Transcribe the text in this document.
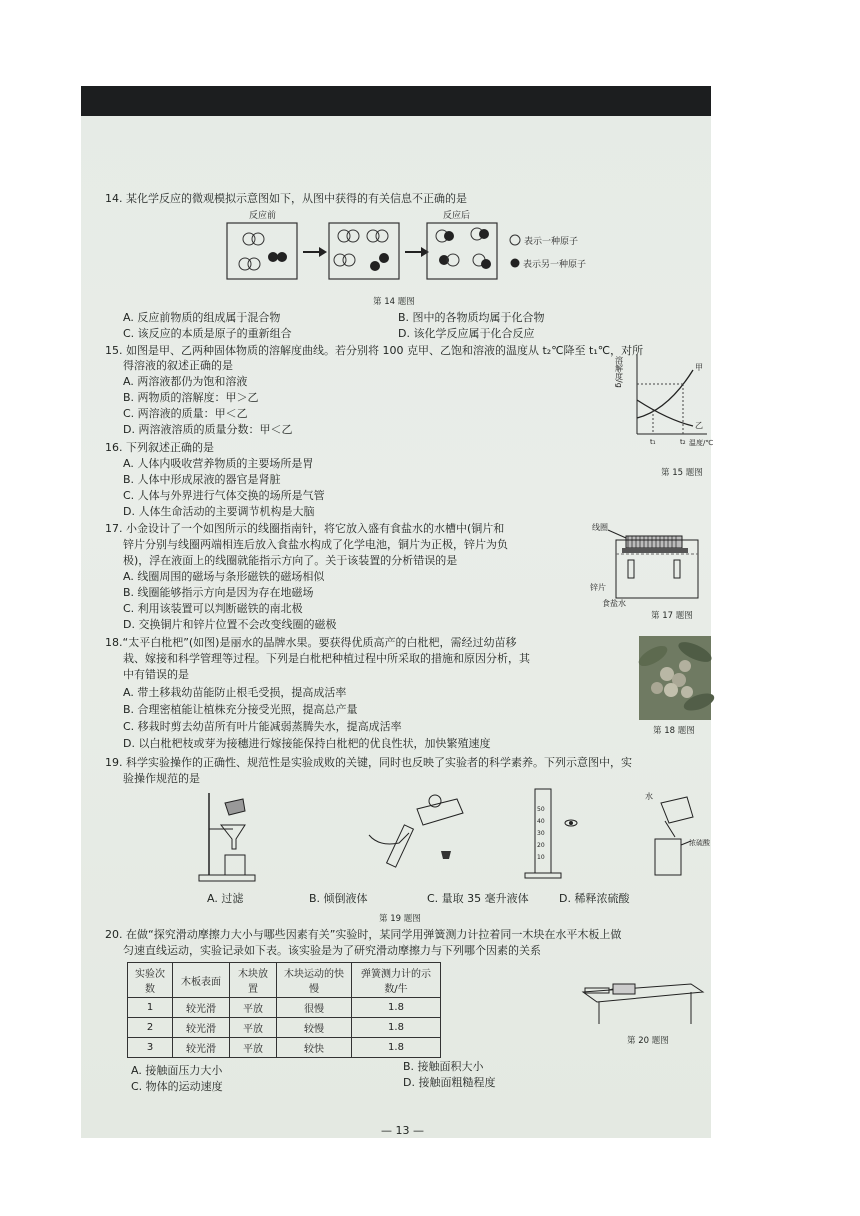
14. 某化学反应的微观模拟示意图如下，从图中获得的有关信息不正确的是
反应前	反应后
表示一种原子
表示另一种原子
第 14 题图
A. 反应前物质的组成属于混合物	B. 图中的各物质均属于化合物
C. 该反应的本质是原子的重新组合	D. 该化学反应属于化合反应
15. 如图是甲、乙两种固体物质的溶解度曲线。若分别将 100 克甲、乙饱和溶液的温度从 t₂℃降至 t₁℃，对所
得溶液的叙述正确的是
A. 两溶液都仍为饱和溶液
B. 两物质的溶解度：甲＞乙
C. 两溶液的质量：甲＜乙
D. 两溶液溶质的质量分数：甲＜乙
溶解度/g	甲
乙
t₁	t₂ 温度/℃
第 15 题图
16. 下列叙述正确的是
A. 人体内吸收营养物质的主要场所是胃
B. 人体中形成尿液的器官是肾脏
C. 人体与外界进行气体交换的场所是气管
D. 人体生命活动的主要调节机构是大脑
17. 小金设计了一个如图所示的线圈指南针，将它放入盛有食盐水的水槽中(铜片和
锌片分别与线圈两端相连后放入食盐水构成了化学电池，铜片为正极，锌片为负
极)，浮在液面上的线圈就能指示方向了。关于该装置的分析错误的是
A. 线圈周围的磁场与条形磁铁的磁场相似
B. 线圈能够指示方向是因为存在地磁场
C. 利用该装置可以判断磁铁的南北极
D. 交换铜片和锌片位置不会改变线圈的磁极
线圈
锌片
食盐水
第 17 题图
18.“太平白枇杷”(如图)是丽水的晶牌水果。要获得优质高产的白枇杷，需经过幼苗移
栽、嫁接和科学管理等过程。下列是白枇杷种植过程中所采取的措施和原因分析，其
中有错误的是
A. 带土移栽幼苗能防止根毛受损，提高成活率
B. 合理密植能让植株充分接受光照，提高总产量
C. 移栽时剪去幼苗所有叶片能减弱蒸腾失水，提高成活率
D. 以白枇杷枝或芽为接穗进行嫁接能保持白枇杷的优良性状，加快繁殖速度
第 18 题图
19. 科学实验操作的正确性、规范性是实验成败的关键，同时也反映了实验者的科学素养。下列示意图中，实
验操作规范的是
50
40
30
20
10
水
浓硫酸
A. 过滤	B. 倾倒液体	C. 量取 35 毫升液体	D. 稀释浓硫酸
第 19 题图
20. 在做“探究滑动摩擦力大小与哪些因素有关”实验时，某同学用弹簧测力计拉着同一木块在水平木板上做
匀速直线运动，实验记录如下表。该实验是为了研究滑动摩擦力与下列哪个因素的关系
实验次数	木板表面	木块放置	木块运动的快慢	弹簧测力计的示数/牛
1	较光滑	平放	很慢	1.8
2	较光滑	平放	较慢	1.8
3	较光滑	平放	较快	1.8
第 20 题图
A. 接触面压力大小	B. 接触面积大小
C. 物体的运动速度	D. 接触面粗糙程度
— 13 —
